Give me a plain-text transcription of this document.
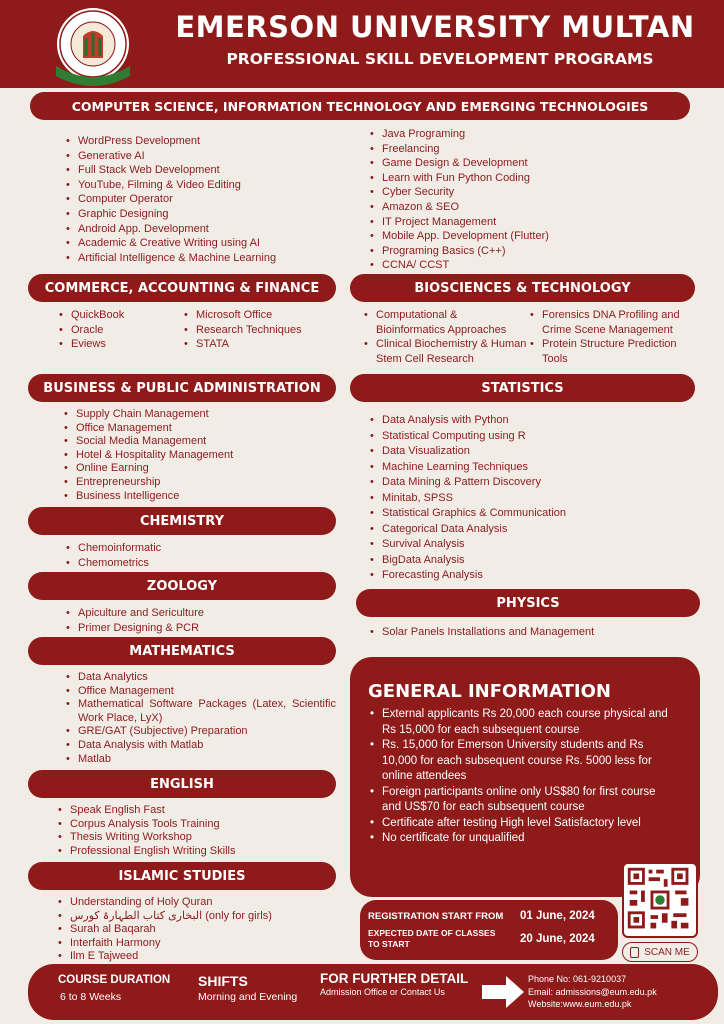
EMERSON UNIVERSITY MULTAN
PROFESSIONAL SKILL DEVELOPMENT PROGRAMS
COMPUTER SCIENCE, INFORMATION TECHNOLOGY AND EMERGING TECHNOLOGIES
• WordPress Development
• Generative AI
• Full Stack Web Development
• YouTube, Filming & Video Editing
• Computer Operator
• Graphic Designing
• Android App. Development
• Academic & Creative Writing using AI
• Artificial Intelligence & Machine Learning
• Java Programing
• Freelancing
• Game Design & Development
• Learn with Fun Python Coding
• Cyber Security
• Amazon & SEO
• IT Project Management
• Mobile App. Development (Flutter)
• Programing Basics (C++)
• CCNA/ CCST
COMMERCE, ACCOUNTING & FINANCE	BIOSCIENCES & TECHNOLOGY
• QuickBook
• Oracle
• Eviews
• Microsoft Office
• Research Techniques
• STATA
• Computational & Bioinformatics Approaches
• Clinical Biochemistry & Human Stem Cell Research
• Forensics DNA Profiling and Crime Scene Management
• Protein Structure Prediction Tools
BUSINESS & PUBLIC ADMINISTRATION	STATISTICS
• Supply Chain Management
• Office Management
• Social Media Management
• Hotel & Hospitality Management
• Online Earning
• Entrepreneurship
• Business Intelligence
• Data Analysis with Python
• Statistical Computing using R
• Data Visualization
• Machine Learning Techniques
• Data Mining & Pattern Discovery
• Minitab, SPSS
• Statistical Graphics & Communication
• Categorical Data Analysis
• Survival Analysis
• BigData Analysis
• Forecasting Analysis
CHEMISTRY
• Chemoinformatic
• Chemometrics
ZOOLOGY
• Apiculture and Sericulture
• Primer Designing & PCR
PHYSICS
• Solar Panels Installations and Management
MATHEMATICS
• Data Analytics
• Office Management
• Mathematical Software Packages (Latex, Scientific Work Place, LyX)
• GRE/GAT (Subjective) Preparation
• Data Analysis with Matlab
• Matlab
ENGLISH
• Speak English Fast
• Corpus Analysis Tools Training
• Thesis Writing Workshop
• Professional English Writing Skills
ISLAMIC STUDIES
• Understanding of Holy Quran
• البخاری کتاب الطہارۃ کورس (only for girls)
• Surah al Baqarah
• Interfaith Harmony
• Ilm E Tajweed
GENERAL INFORMATION
• External applicants Rs 20,000 each course physical and Rs 15,000 for each subsequent course
• Rs. 15,000 for Emerson University students and Rs 10,000 for each subsequent course Rs. 5000 less for online attendees
• Foreign participants online only US$80 for first course and US$70 for each subsequent course
• Certificate after testing High level Satisfactory level
• No certificate for unqualified
REGISTRATION START FROM 01 June, 2024
EXPECTED DATE OF CLASSES TO START	20 June, 2024
SCAN ME
COURSE DURATION
6 to 8 Weeks
SHIFTS
Morning and Evening
FOR FURTHER DETAIL
Admission Office or Contact Us
Phone No: 061-9210037
Email: admissions@eum.edu.pk
Website:www.eum.edu.pk
